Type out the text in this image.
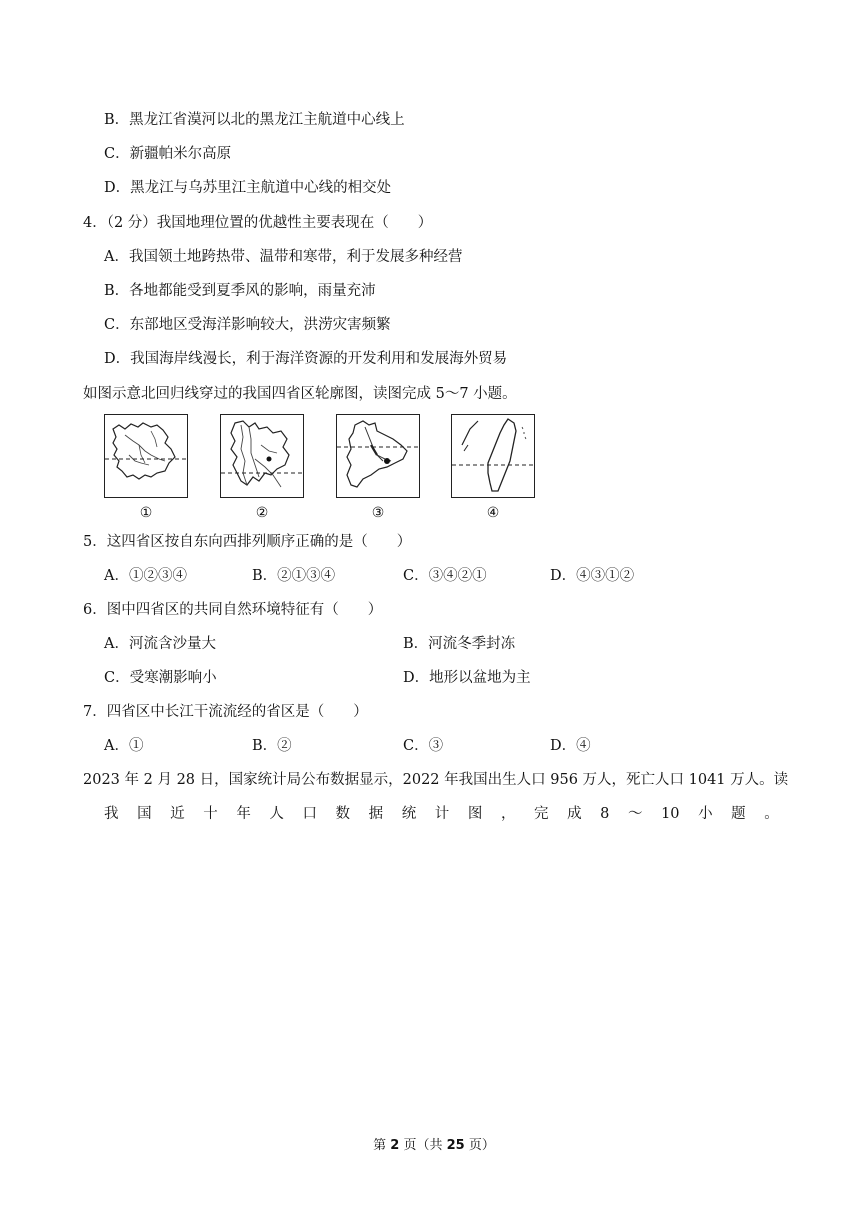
B．黑龙江省漠河以北的黑龙江主航道中心线上
C．新疆帕米尔高原
D．黑龙江与乌苏里江主航道中心线的相交处
4．（2 分）我国地理位置的优越性主要表现在（　　）
A．我国领土地跨热带、温带和寒带，利于发展多种经营
B．各地都能受到夏季风的影响，雨量充沛
C．东部地区受海洋影响较大，洪涝灾害频繁
D．我国海岸线漫长，利于海洋资源的开发利用和发展海外贸易
如图示意北回归线穿过的我国四省区轮廓图，读图完成 5～7 小题。
①	②	③	④
5．这四省区按自东向西排列顺序正确的是（　　）
A．①②③④	B．②①③④	C．③④②①	D．④③①②
6．图中四省区的共同自然环境特征有（　　）
A．河流含沙量大	B．河流冬季封冻
C．受寒潮影响小	D．地形以盆地为主
7．四省区中长江干流流经的省区是（　　）
A．①	B．②	C．③	D．④
2023 年 2 月 28 日，国家统计局公布数据显示，2022 年我国出生人口 956 万人，死亡人口 1041 万人。读
我 国 近 十 年 人 口 数 据 统 计 图 ， 完 成 8 ～ 10 小 题 。
第 2 页（共 25 页）
